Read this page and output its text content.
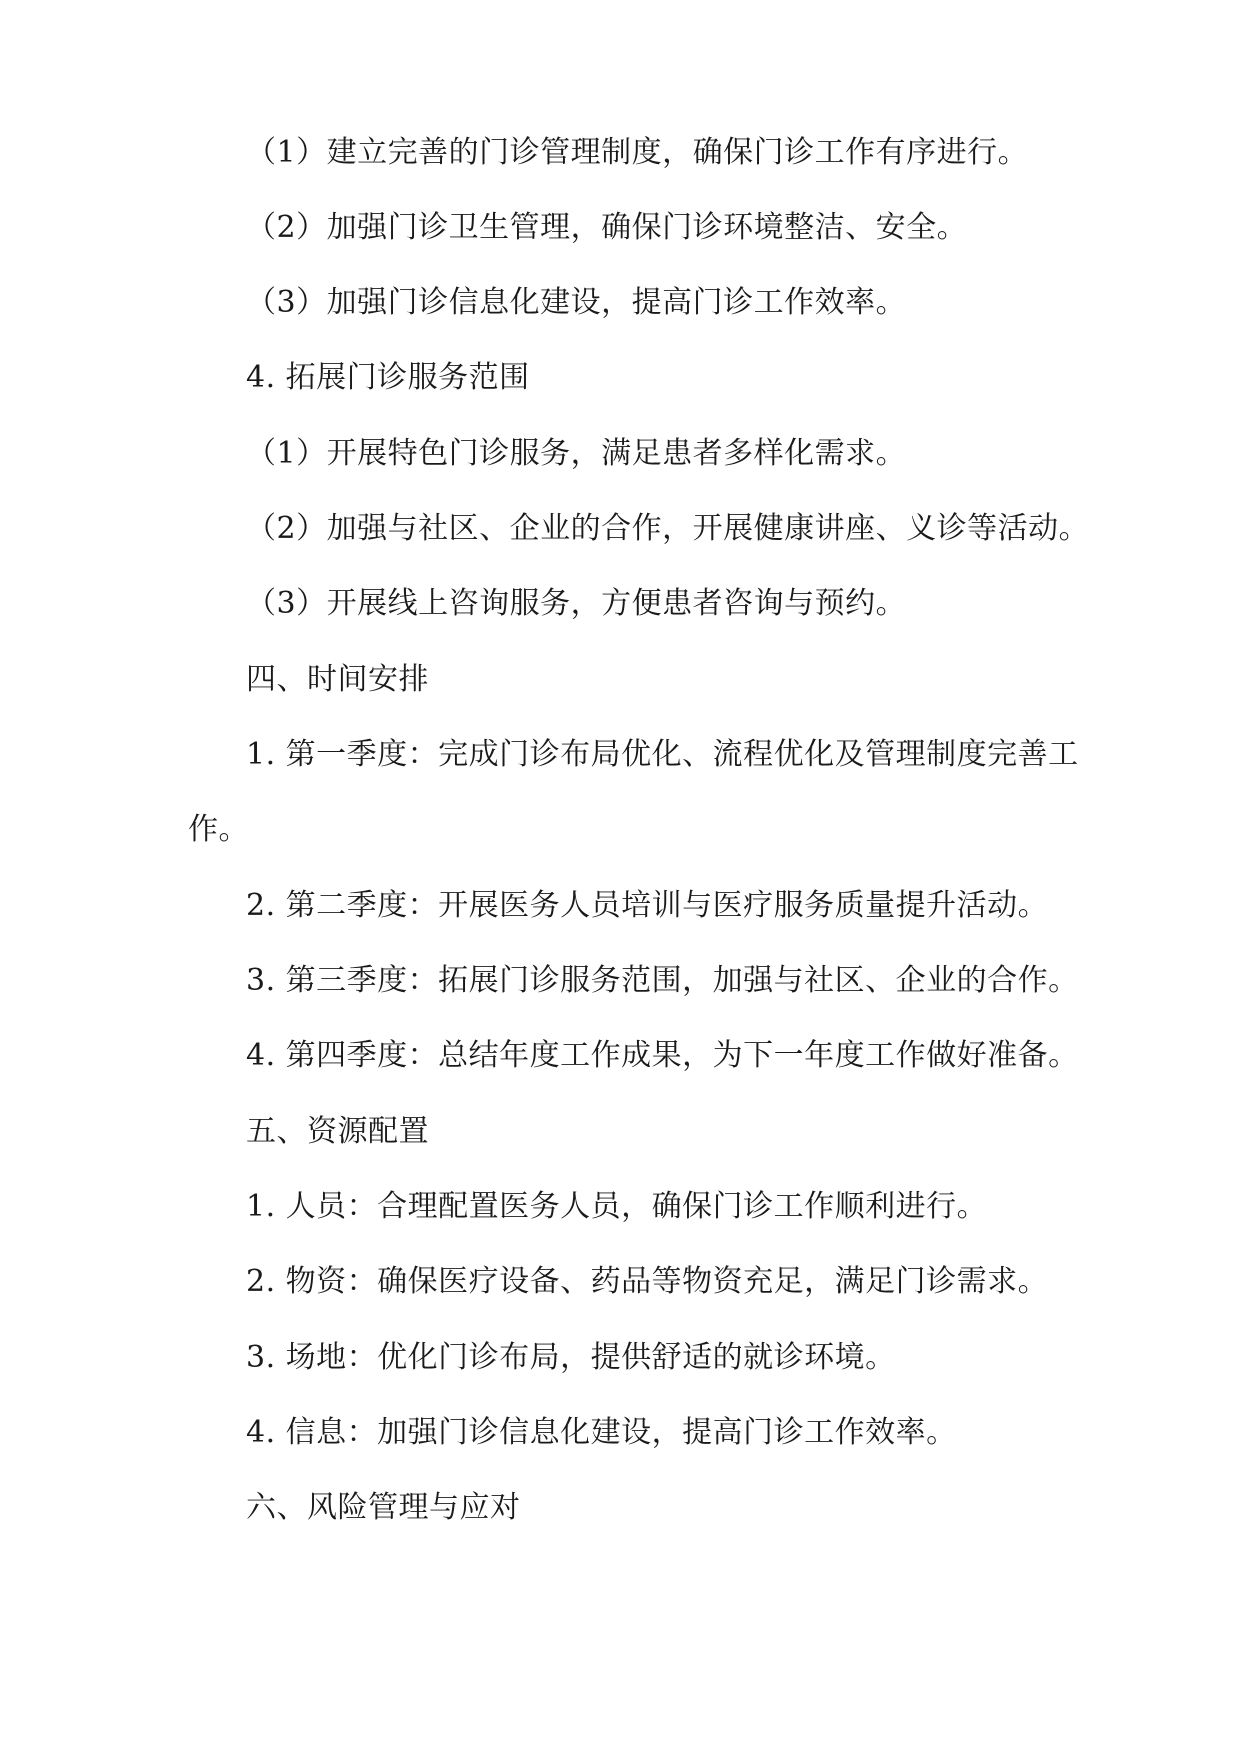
（1）建立完善的门诊管理制度，确保门诊工作有序进行。
（2）加强门诊卫生管理，确保门诊环境整洁、安全。
（3）加强门诊信息化建设，提高门诊工作效率。
4. 拓展门诊服务范围
（1）开展特色门诊服务，满足患者多样化需求。
（2）加强与社区、企业的合作，开展健康讲座、义诊等活动。
（3）开展线上咨询服务，方便患者咨询与预约。
四、时间安排
1. 第一季度：完成门诊布局优化、流程优化及管理制度完善工
作。
2. 第二季度：开展医务人员培训与医疗服务质量提升活动。
3. 第三季度：拓展门诊服务范围，加强与社区、企业的合作。
4. 第四季度：总结年度工作成果，为下一年度工作做好准备。
五、资源配置
1. 人员：合理配置医务人员，确保门诊工作顺利进行。
2. 物资：确保医疗设备、药品等物资充足，满足门诊需求。
3. 场地：优化门诊布局，提供舒适的就诊环境。
4. 信息：加强门诊信息化建设，提高门诊工作效率。
六、风险管理与应对
